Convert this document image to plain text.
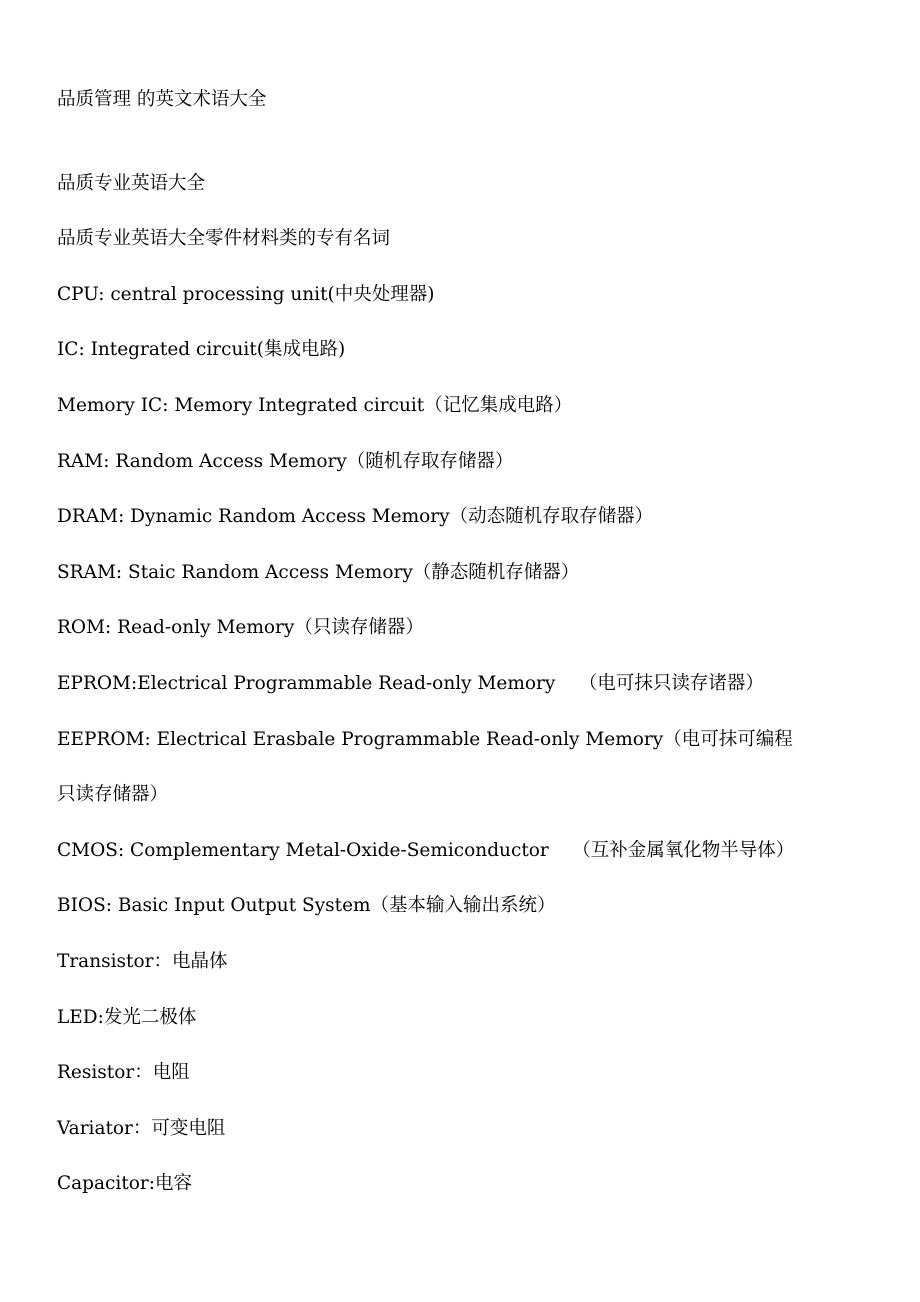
品质管理 的英文术语大全

品质专业英语大全

品质专业英语大全零件材料类的专有名词

CPU: central processing unit(中央处理器)

IC: Integrated circuit(集成电路)

Memory IC: Memory Integrated circuit（记忆集成电路）

RAM: Random Access Memory（随机存取存储器）

DRAM: Dynamic Random Access Memory（动态随机存取存储器）

SRAM: Staic Random Access Memory（静态随机存储器）

ROM: Read-only Memory（只读存储器）

EPROM:Electrical Programmable Read-only Memory    （电可抹只读存诸器）

EEPROM: Electrical Erasbale Programmable Read-only Memory（电可抹可编程

只读存储器）

CMOS: Complementary Metal-Oxide-Semiconductor    （互补金属氧化物半导体）

BIOS: Basic Input Output System（基本输入输出系统）

Transistor：电晶体

LED:发光二极体

Resistor：电阻

Variator：可变电阻

Capacitor:电容
